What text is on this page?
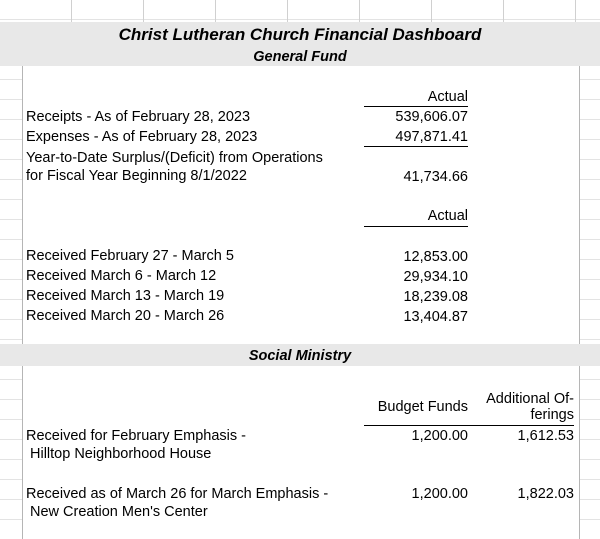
Christ Lutheran Church Financial Dashboard
General Fund
Actual
Receipts - As of February 28, 2023	539,606.07
Expenses - As of February 28, 2023	497,871.41
Year-to-Date Surplus/(Deficit) from Operations
for Fiscal Year Beginning 8/1/2022	41,734.66
Actual
Received February 27 - March 5	12,853.00
Received March 6 - March 12	29,934.10
Received March 13 - March 19	18,239.08
Received March 20 - March 26	13,404.87
Social Ministry
Budget Funds	Additional Of-
ferings
Received for February Emphasis -
Hilltop Neighborhood House
1,200.00	1,612.53
Received as of March 26 for March Emphasis -
New Creation Men's Center
1,200.00	1,822.03
